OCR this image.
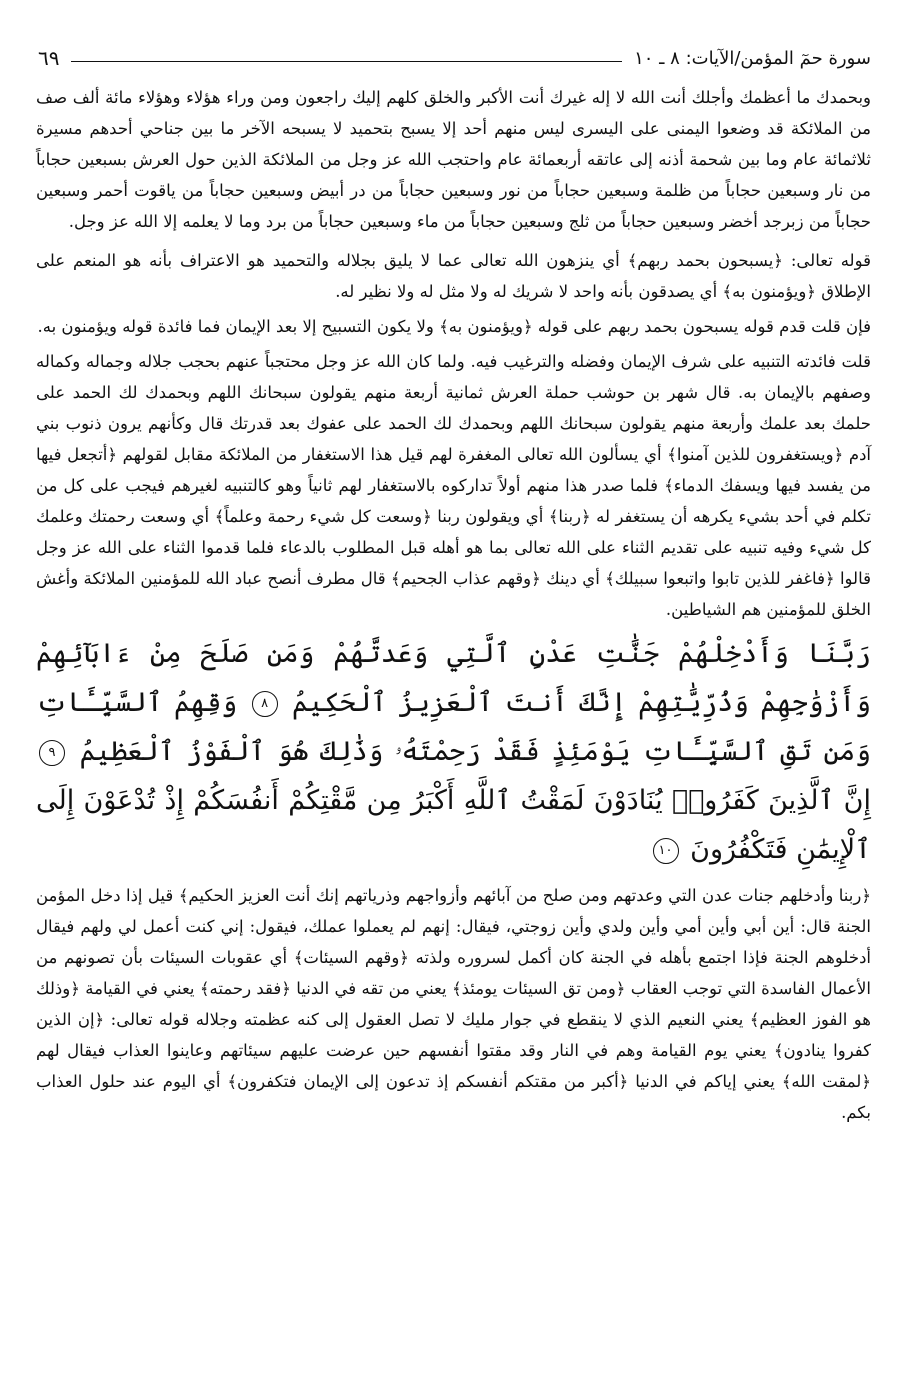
سورة حمٓ المؤمن/الآيات: ٨ ـ ١٠
٦٩

وبحمدك ما أعظمك وأجلك أنت الله لا إله غيرك أنت الأكبر والخلق كلهم إليك راجعون ومن وراء هؤلاء وهؤلاء مائة ألف صف من الملائكة قد وضعوا اليمنى على اليسرى ليس منهم أحد إلا يسبح بتحميد لا يسبحه الآخر ما بين جناحي أحدهم مسيرة ثلاثمائة عام وما بين شحمة أذنه إلى عاتقه أربعمائة عام واحتجب الله عز وجل من الملائكة الذين حول العرش بسبعين حجاباً من نار وسبعين حجاباً من ظلمة وسبعين حجاباً من نور وسبعين حجاباً من در أبيض وسبعين حجاباً من ياقوت أحمر وسبعين حجاباً من زبرجد أخضر وسبعين حجاباً من ثلج وسبعين حجاباً من ماء وسبعين حجاباً من برد وما لا يعلمه إلا الله عز وجل.

قوله تعالى: ﴿يسبحون بحمد ربهم﴾ أي ينزهون الله تعالى عما لا يليق بجلاله والتحميد هو الاعتراف بأنه هو المنعم على الإطلاق ﴿ويؤمنون به﴾ أي يصدقون بأنه واحد لا شريك له ولا مثل له ولا نظير له.

فإن قلت قدم قوله يسبحون بحمد ربهم على قوله ﴿ويؤمنون به﴾ ولا يكون التسبيح إلا بعد الإيمان فما فائدة قوله ويؤمنون به.

قلت فائدته التنبيه على شرف الإيمان وفضله والترغيب فيه. ولما كان الله عز وجل محتجباً عنهم بحجب جلاله وجماله وكماله وصفهم بالإيمان به. قال شهر بن حوشب حملة العرش ثمانية أربعة منهم يقولون سبحانك اللهم وبحمدك لك الحمد على حلمك بعد علمك وأربعة منهم يقولون سبحانك اللهم وبحمدك لك الحمد على عفوك بعد قدرتك قال وكأنهم يرون ذنوب بني آدم ﴿ويستغفرون للذين آمنوا﴾ أي يسألون الله تعالى المغفرة لهم قيل هذا الاستغفار من الملائكة مقابل لقولهم ﴿أتجعل فيها من يفسد فيها ويسفك الدماء﴾ فلما صدر هذا منهم أولاً تداركوه بالاستغفار لهم ثانياً وهو كالتنبيه لغيرهم فيجب على كل من تكلم في أحد بشيء يكرهه أن يستغفر له ﴿ربنا﴾ أي ويقولون ربنا ﴿وسعت كل شيء رحمة وعلماً﴾ أي وسعت رحمتك وعلمك كل شيء وفيه تنبيه على تقديم الثناء على الله تعالى بما هو أهله قبل المطلوب بالدعاء فلما قدموا الثناء على الله عز وجل قالوا ﴿فاغفر للذين تابوا واتبعوا سبيلك﴾ أي دينك ﴿وقهم عذاب الجحيم﴾ قال مطرف أنصح عباد الله للمؤمنين الملائكة وأغش الخلق للمؤمنين هم الشياطين.

رَبَّنَا وَأَدْخِلْهُمْ جَنَّٰتِ عَدْنٍ ٱلَّتِي وَعَدتَّهُمْ وَمَن صَلَحَ مِنْ ءَابَآئِهِمْ وَأَزْوَٰجِهِمْ وَذُرِّيَّٰتِهِمْ إِنَّكَ أَنتَ ٱلْعَزِيزُ ٱلْحَكِيمُ ٨ وَقِهِمُ ٱلسَّيِّـَٔاتِ وَمَن تَقِ ٱلسَّيِّـَٔاتِ يَوْمَئِذٍ فَقَدْ رَحِمْتَهُۥ وَذَٰلِكَ هُوَ ٱلْفَوْزُ ٱلْعَظِيمُ ٩ إِنَّ ٱلَّذِينَ كَفَرُوا۟ يُنَادَوْنَ لَمَقْتُ ٱللَّهِ أَكْبَرُ مِن مَّقْتِكُمْ أَنفُسَكُمْ إِذْ تُدْعَوْنَ إِلَى ٱلْإِيمَٰنِ فَتَكْفُرُونَ ١٠

﴿ربنا وأدخلهم جنات عدن التي وعدتهم ومن صلح من آبائهم وأزواجهم وذرياتهم إنك أنت العزيز الحكيم﴾ قيل إذا دخل المؤمن الجنة قال: أين أبي وأين أمي وأين ولدي وأين زوجتي، فيقال: إنهم لم يعملوا عملك، فيقول: إني كنت أعمل لي ولهم فيقال أدخلوهم الجنة فإذا اجتمع بأهله في الجنة كان أكمل لسروره ولذته ﴿وقهم السيئات﴾ أي عقوبات السيئات بأن تصونهم من الأعمال الفاسدة التي توجب العقاب ﴿ومن تق السيئات يومئذ﴾ يعني من تقه في الدنيا ﴿فقد رحمته﴾ يعني في القيامة ﴿وذلك هو الفوز العظيم﴾ يعني النعيم الذي لا ينقطع في جوار مليك لا تصل العقول إلى كنه عظمته وجلاله قوله تعالى: ﴿إن الذين كفروا ينادون﴾ يعني يوم القيامة وهم في النار وقد مقتوا أنفسهم حين عرضت عليهم سيئاتهم وعاينوا العذاب فيقال لهم ﴿لمقت الله﴾ يعني إياكم في الدنيا ﴿أكبر من مقتكم أنفسكم إذ تدعون إلى الإيمان فتكفرون﴾ أي اليوم عند حلول العذاب بكم.
